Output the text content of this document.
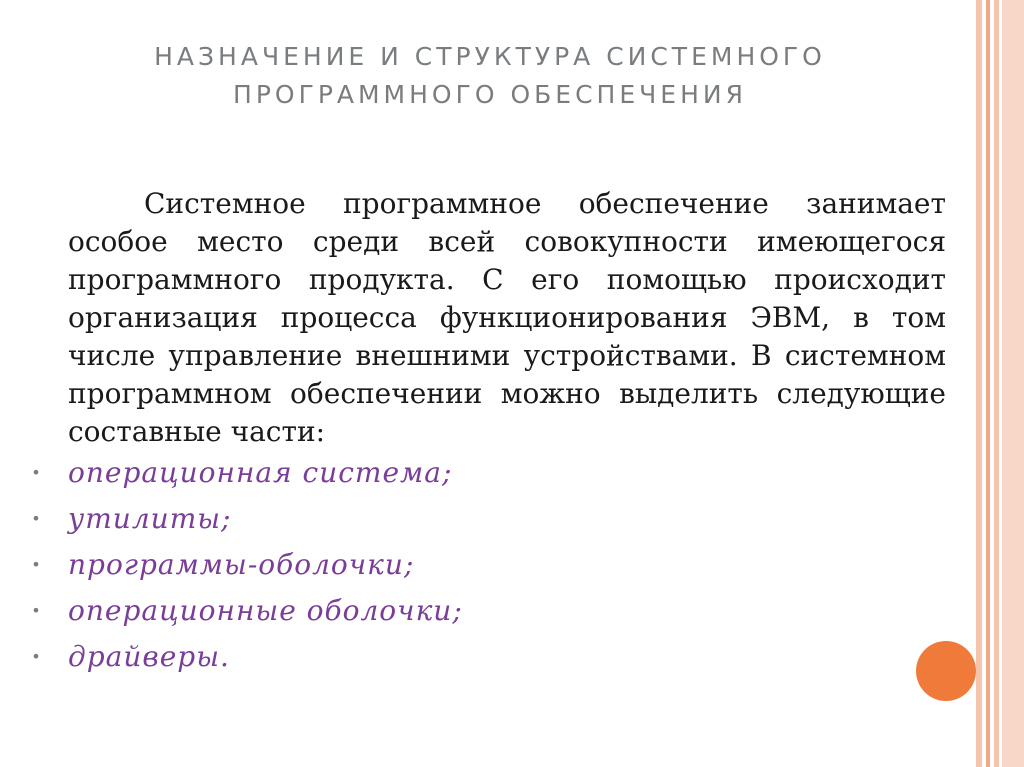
НАЗНАЧЕНИЕ И СТРУКТУРА СИСТЕМНОГО
ПРОГРАММНОГО ОБЕСПЕЧЕНИЯ
Системное программное обеспечение занимает особое место среди всей совокупности имеющегося программного продукта. С его помощью происходит организация процесса функционирования ЭВМ, в том числе управление внешними устройствами. В системном программном обеспечении можно выделить следующие составные части:
• операционная система;
• утилиты;
• программы-оболочки;
• операционные оболочки;
• драйверы.
